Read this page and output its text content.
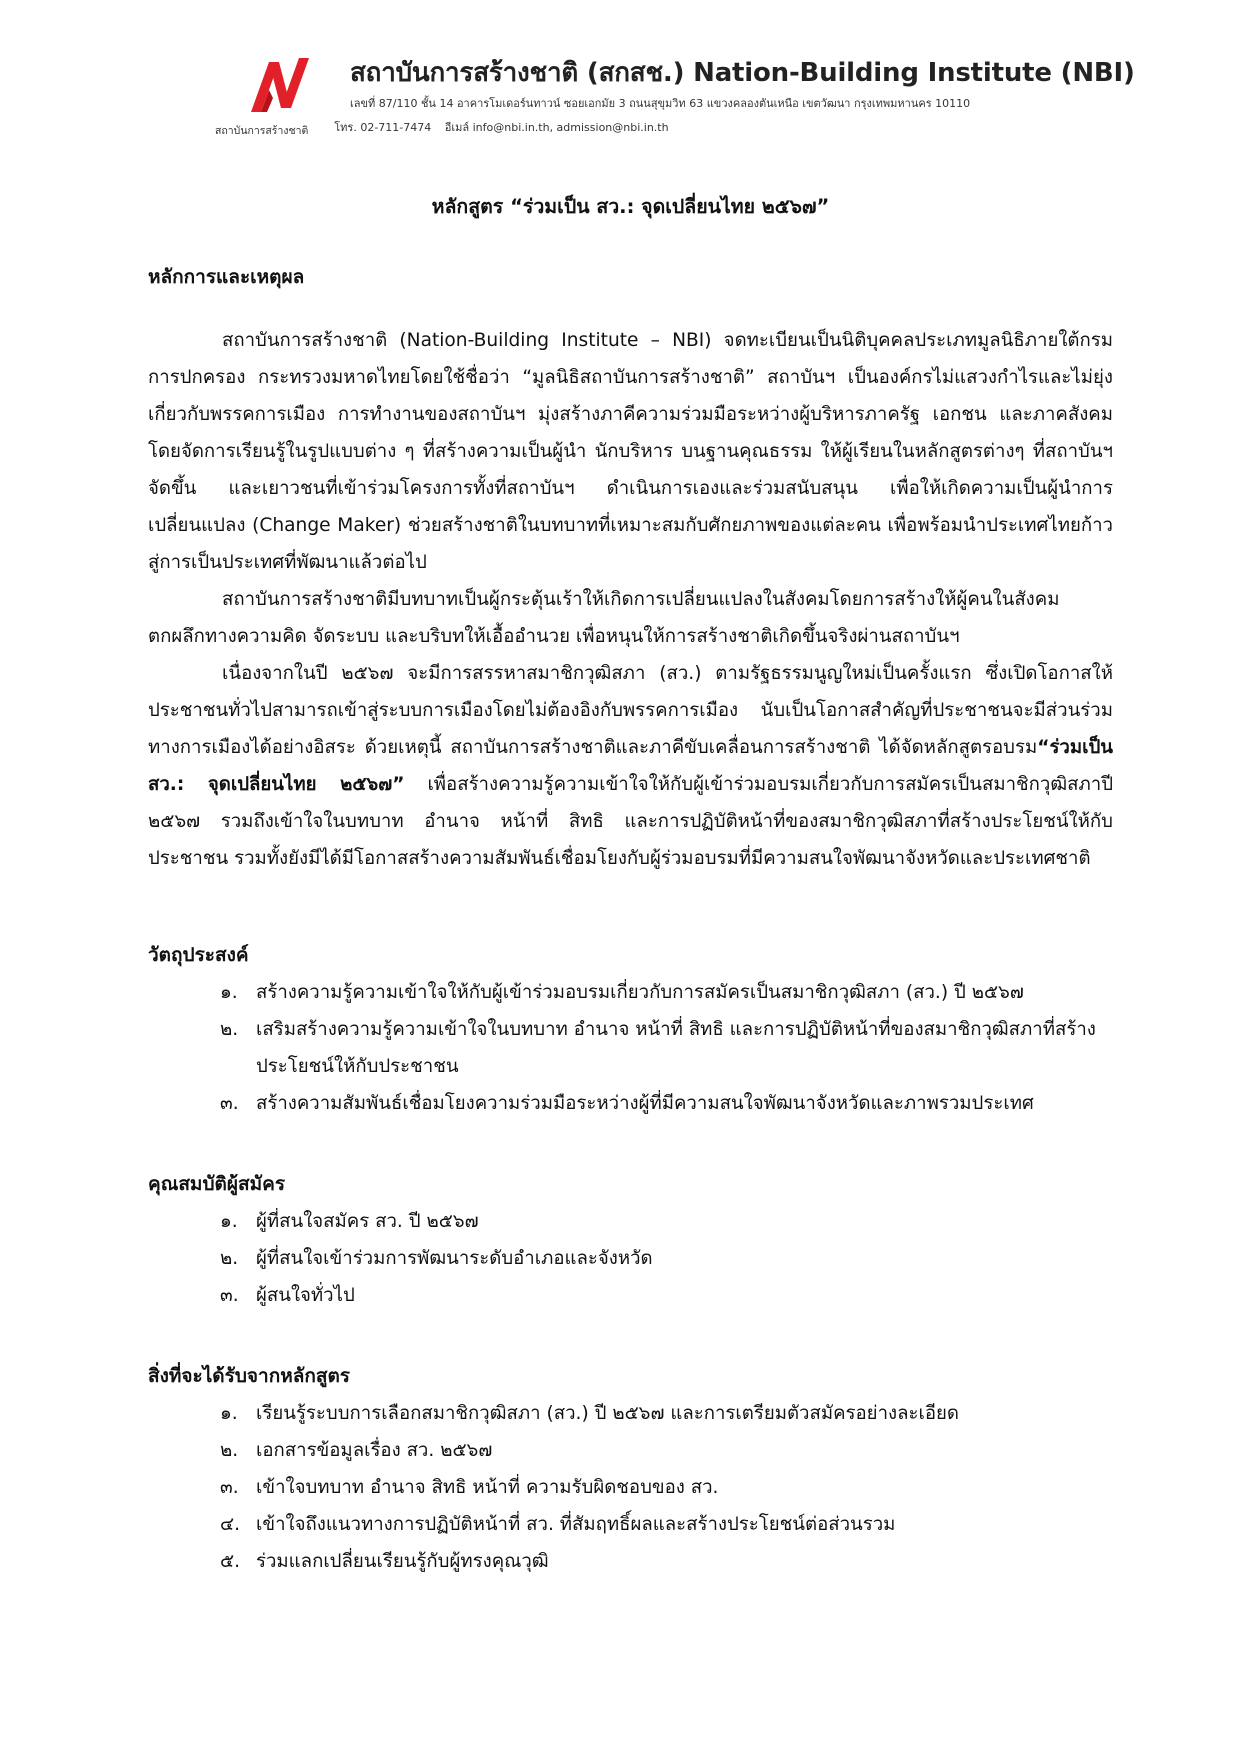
สถาบันการสร้างชาติ
สถาบันการสร้างชาติ (สกสช.) Nation-Building Institute (NBI)
เลขที่ 87/110 ชั้น 14 อาคารโมเดอร์นทาวน์ ซอยเอกมัย 3 ถนนสุขุมวิท 63 แขวงคลองตันเหนือ เขตวัฒนา กรุงเทพมหานคร 10110
โทร. 02-711-7474 อีเมล์ info@nbi.in.th, admission@nbi.in.th
หลักสูตร “ร่วมเป็น สว.: จุดเปลี่ยนไทย ๒๕๖๗”
หลักการและเหตุผล

สถาบันการสร้างชาติ (Nation-Building Institute – NBI) จดทะเบียนเป็นนิติบุคคลประเภทมูลนิธิภายใต้กรมการปกครอง กระทรวงมหาดไทยโดยใช้ชื่อว่า “มูลนิธิสถาบันการสร้างชาติ” สถาบันฯ เป็นองค์กรไม่แสวงกำไรและไม่ยุ่งเกี่ยวกับพรรคการเมือง การทำงานของสถาบันฯ มุ่งสร้างภาคีความร่วมมือระหว่างผู้บริหารภาครัฐ เอกชน และภาคสังคม โดยจัดการเรียนรู้ในรูปแบบต่าง ๆ ที่สร้างความเป็นผู้นำ นักบริหาร บนฐานคุณธรรม ให้ผู้เรียนในหลักสูตรต่างๆ ที่สถาบันฯ จัดขึ้น และเยาวชนที่เข้าร่วมโครงการทั้งที่สถาบันฯ ดำเนินการเองและร่วมสนับสนุน เพื่อให้เกิดความเป็นผู้นำการเปลี่ยนแปลง (Change Maker) ช่วยสร้างชาติในบทบาทที่เหมาะสมกับศักยภาพของแต่ละคน เพื่อพร้อมนำประเทศไทยก้าวสู่การเป็นประเทศที่พัฒนาแล้วต่อไป

สถาบันการสร้างชาติมีบทบาทเป็นผู้กระตุ้นเร้าให้เกิดการเปลี่ยนแปลงในสังคมโดยการสร้างให้ผู้คนในสังคมตกผลึกทางความคิด จัดระบบ และบริบทให้เอื้ออำนวย เพื่อหนุนให้การสร้างชาติเกิดขึ้นจริงผ่านสถาบันฯ

เนื่องจากในปี ๒๕๖๗ จะมีการสรรหาสมาชิกวุฒิสภา (สว.) ตามรัฐธรรมนูญใหม่เป็นครั้งแรก ซึ่งเปิดโอกาสให้ประชาชนทั่วไปสามารถเข้าสู่ระบบการเมืองโดยไม่ต้องอิงกับพรรคการเมือง นับเป็นโอกาสสำคัญที่ประชาชนจะมีส่วนร่วมทางการเมืองได้อย่างอิสระ ด้วยเหตุนี้ สถาบันการสร้างชาติและภาคีขับเคลื่อนการสร้างชาติ ได้จัดหลักสูตรอบรม“ร่วมเป็น สว.: จุดเปลี่ยนไทย ๒๕๖๗” เพื่อสร้างความรู้ความเข้าใจให้กับผู้เข้าร่วมอบรมเกี่ยวกับการสมัครเป็นสมาชิกวุฒิสภาปี ๒๕๖๗ รวมถึงเข้าใจในบทบาท อำนาจ หน้าที่ สิทธิ และการปฏิบัติหน้าที่ของสมาชิกวุฒิสภาที่สร้างประโยชน์ให้กับประชาชน รวมทั้งยังมีได้มีโอกาสสร้างความสัมพันธ์เชื่อมโยงกับผู้ร่วมอบรมที่มีความสนใจพัฒนาจังหวัดและประเทศชาติ

วัตถุประสงค์
๑. สร้างความรู้ความเข้าใจให้กับผู้เข้าร่วมอบรมเกี่ยวกับการสมัครเป็นสมาชิกวุฒิสภา (สว.) ปี ๒๕๖๗
๒. เสริมสร้างความรู้ความเข้าใจในบทบาท อำนาจ หน้าที่ สิทธิ และการปฏิบัติหน้าที่ของสมาชิกวุฒิสภาที่สร้างประโยชน์ให้กับประชาชน
๓. สร้างความสัมพันธ์เชื่อมโยงความร่วมมือระหว่างผู้ที่มีความสนใจพัฒนาจังหวัดและภาพรวมประเทศ
คุณสมบัติผู้สมัคร
๑. ผู้ที่สนใจสมัคร สว. ปี ๒๕๖๗
๒. ผู้ที่สนใจเข้าร่วมการพัฒนาระดับอำเภอและจังหวัด
๓. ผู้สนใจทั่วไป
สิ่งที่จะได้รับจากหลักสูตร
๑. เรียนรู้ระบบการเลือกสมาชิกวุฒิสภา (สว.) ปี ๒๕๖๗ และการเตรียมตัวสมัครอย่างละเอียด
๒. เอกสารข้อมูลเรื่อง สว. ๒๕๖๗
๓. เข้าใจบทบาท อำนาจ สิทธิ หน้าที่ ความรับผิดชอบของ สว.
๔. เข้าใจถึงแนวทางการปฏิบัติหน้าที่ สว. ที่สัมฤทธิ์ผลและสร้างประโยชน์ต่อส่วนรวม
๕. ร่วมแลกเปลี่ยนเรียนรู้กับผู้ทรงคุณวุฒิ
